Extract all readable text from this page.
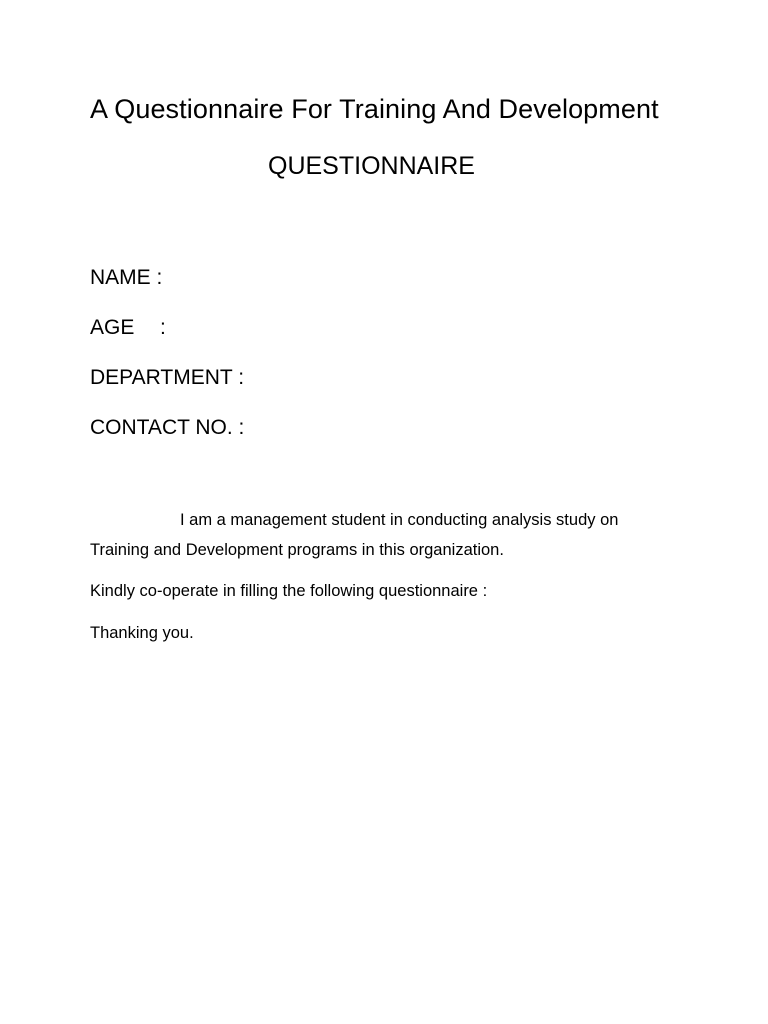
A Questionnaire For Training And Development
QUESTIONNAIRE
NAME :
AGE :
DEPARTMENT :
CONTACT NO. :
I am a management student in conducting analysis study on
Training and Development programs in this organization.
Kindly co-operate in filling the following questionnaire :
Thanking you.
